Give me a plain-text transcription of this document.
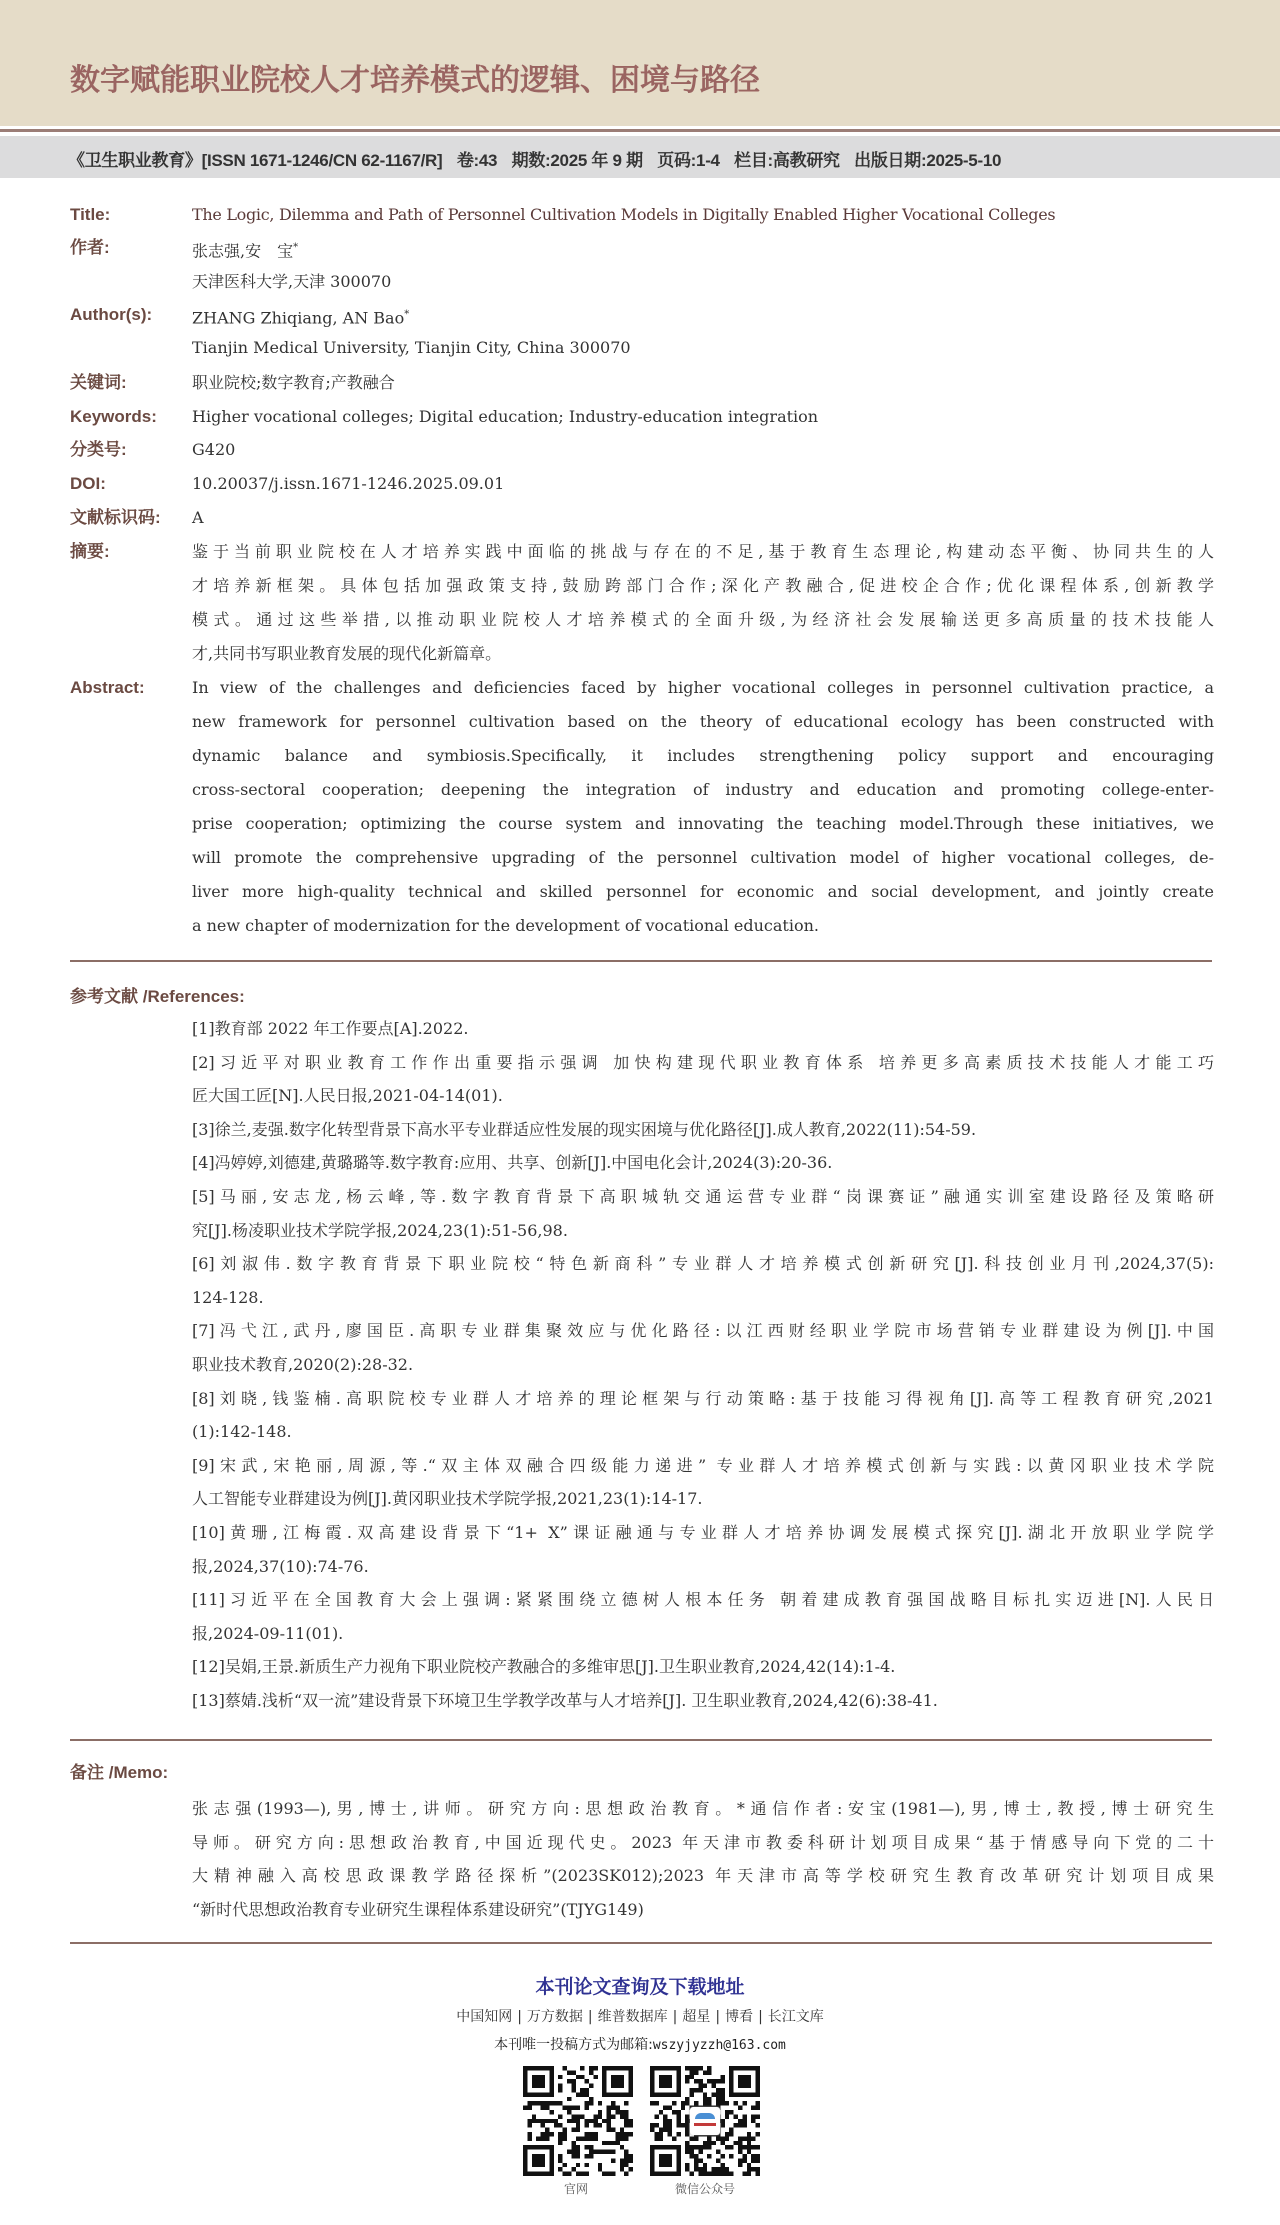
数字赋能职业院校人才培养模式的逻辑、困境与路径
《卫生职业教育》[ISSN 1671-1246/CN 62-1167/R] 卷:43 期数:2025 年 9 期 页码:1-4 栏目:高教研究 出版日期:2025-5-10
Title:	The Logic, Dilemma and Path of Personnel Cultivation Models in Digitally Enabled Higher Vocational Colleges
作者:	张志强,安　宝*
天津医科大学,天津 300070
Author(s): ZHANG Zhiqiang, AN Bao*
Tianjin Medical University, Tianjin City, China 300070
关键词:	职业院校;数字教育;产教融合
Keywords: Higher vocational colleges; Digital education; Industry-education integration
分类号:	G420
DOI:	10.20037/j.issn.1671-1246.2025.09.01
文献标识码: A
摘要:	鉴于当前职业院校在人才培养实践中面临的挑战与存在的不足,基于教育生态理论,构建动态平衡、协同共生的人
才培养新框架。具体包括加强政策支持,鼓励跨部门合作;深化产教融合,促进校企合作;优化课程体系,创新教学
模式。通过这些举措,以推动职业院校人才培养模式的全面升级,为经济社会发展输送更多高质量的技术技能人
才,共同书写职业教育发展的现代化新篇章。
Abstract:	In view of the challenges and deficiencies faced by higher vocational colleges in personnel cultivation practice, a
new framework for personnel cultivation based on the theory of educational ecology has been constructed with
dynamic balance and symbiosis.Specifically, it includes strengthening policy support and encouraging
cross-sectoral cooperation; deepening the integration of industry and education and promoting college-enter-
prise cooperation; optimizing the course system and innovating the teaching model.Through these initiatives, we
will promote the comprehensive upgrading of the personnel cultivation model of higher vocational colleges, de-
liver more high-quality technical and skilled personnel for economic and social development, and jointly create
a new chapter of modernization for the development of vocational education.
参考文献 /References:
[1]教育部 2022 年工作要点[A].2022.
[2]习近平对职业教育工作作出重要指示强调 加快构建现代职业教育体系 培养更多高素质技术技能人才能工巧
匠大国工匠[N].人民日报,2021-04-14(01).
[3]徐兰,麦强.数字化转型背景下高水平专业群适应性发展的现实困境与优化路径[J].成人教育,2022(11):54-59.
[4]冯婷婷,刘德建,黄璐璐等.数字教育:应用、共享、创新[J].中国电化会计,2024(3):20-36.
[5]马丽,安志龙,杨云峰,等.数字教育背景下高职城轨交通运营专业群“岗课赛证”融通实训室建设路径及策略研
究[J].杨凌职业技术学院学报,2024,23(1):51-56,98.
[6]刘淑伟.数字教育背景下职业院校“特色新商科”专业群人才培养模式创新研究[J].科技创业月刊,2024,37(5):
124-128.
[7]冯弋江,武丹,廖国臣.高职专业群集聚效应与优化路径:以江西财经职业学院市场营销专业群建设为例[J].中国
职业技术教育,2020(2):28-32.
[8]刘晓,钱鉴楠.高职院校专业群人才培养的理论框架与行动策略:基于技能习得视角[J].高等工程教育研究,2021
(1):142-148.
[9]宋武,宋艳丽,周源,等.“双主体双融合四级能力递进” 专业群人才培养模式创新与实践:以黄冈职业技术学院
人工智能专业群建设为例[J].黄冈职业技术学院学报,2021,23(1):14-17.
[10]黄珊,江梅霞.双高建设背景下“1+ X”课证融通与专业群人才培养协调发展模式探究[J].湖北开放职业学院学
报,2024,37(10):74-76.
[11]习近平在全国教育大会上强调:紧紧围绕立德树人根本任务 朝着建成教育强国战略目标扎实迈进[N].人民日
报,2024-09-11(01).
[12]吴娟,王景.新质生产力视角下职业院校产教融合的多维审思[J].卫生职业教育,2024,42(14):1-4.
[13]蔡婧.浅析“双一流”建设背景下环境卫生学教学改革与人才培养[J]. 卫生职业教育,2024,42(6):38-41.
备注 /Memo:
张志强(1993—),男,博士,讲师。研究方向:思想政治教育。*通信作者:安宝(1981—),男,博士,教授,博士研究生
导师。研究方向:思想政治教育,中国近现代史。2023 年天津市教委科研计划项目成果“基于情感导向下党的二十
大精神融入高校思政课教学路径探析”(2023SK012);2023 年天津市高等学校研究生教育改革研究计划项目成果
“新时代思想政治教育专业研究生课程体系建设研究”(TJYG149)
本刊论文查询及下载地址
中国知网 | 万方数据 | 维普数据库 | 超星 | 博看 | 长江文库
本刊唯一投稿方式为邮箱:wszyjyzzh@163.com
官网	微信公众号
